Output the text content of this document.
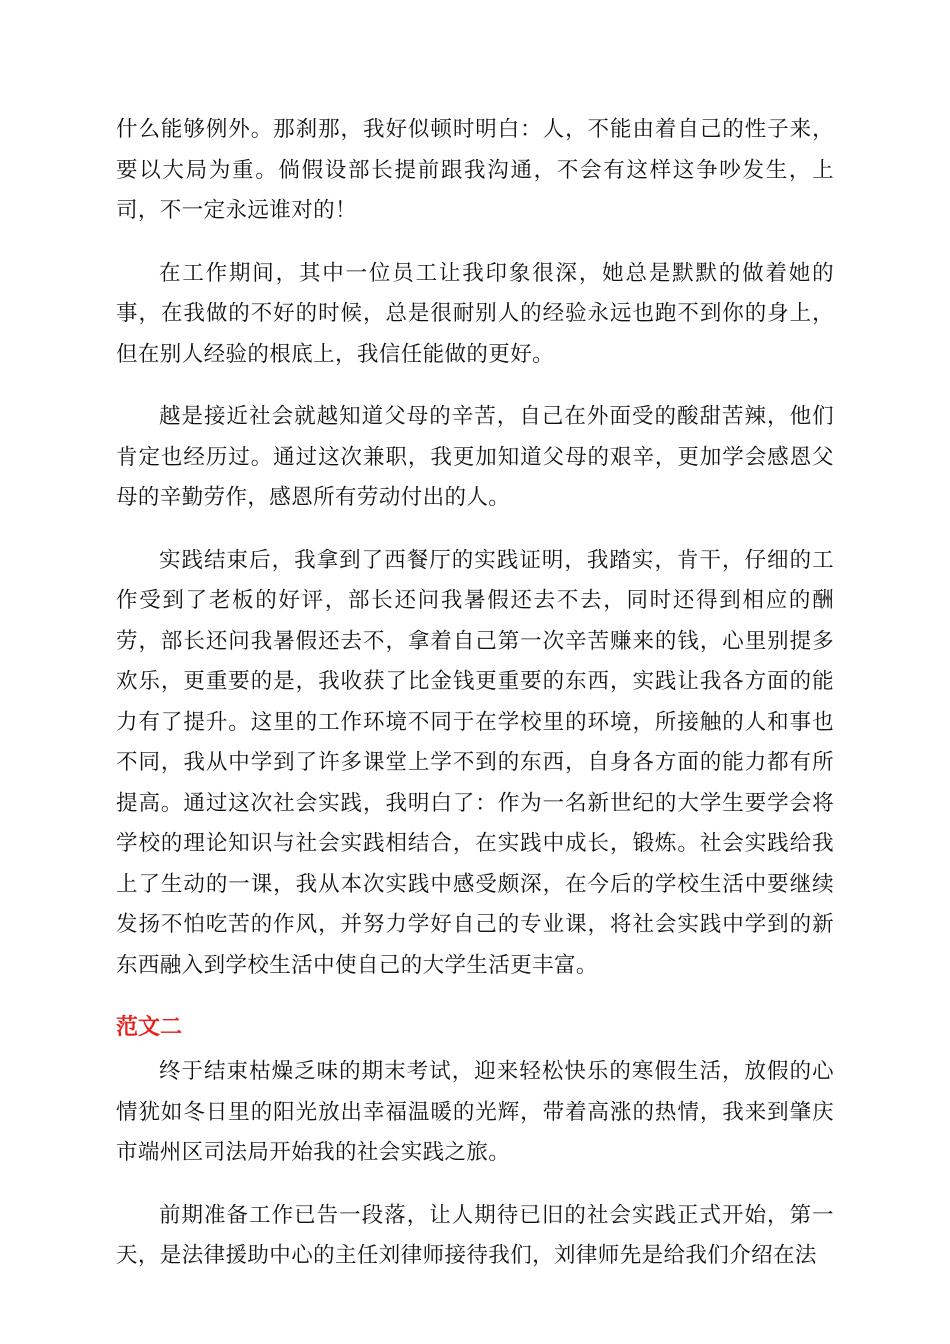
什么能够例外。那刹那，我好似顿时明白：人，不能由着自己的性子来，要以大局为重。倘假设部长提前跟我沟通，不会有这样这争吵发生，上司，不一定永远谁对的！

在工作期间，其中一位员工让我印象很深，她总是默默的做着她的事，在我做的不好的时候，总是很耐别人的经验永远也跑不到你的身上，但在别人经验的根底上，我信任能做的更好。

越是接近社会就越知道父母的辛苦，自己在外面受的酸甜苦辣，他们肯定也经历过。通过这次兼职，我更加知道父母的艰辛，更加学会感恩父母的辛勤劳作，感恩所有劳动付出的人。

实践结束后，我拿到了西餐厅的实践证明，我踏实，肯干，仔细的工作受到了老板的好评，部长还问我暑假还去不去，同时还得到相应的酬劳，部长还问我暑假还去不，拿着自己第一次辛苦赚来的钱，心里别提多欢乐，更重要的是，我收获了比金钱更重要的东西，实践让我各方面的能力有了提升。这里的工作环境不同于在学校里的环境，所接触的人和事也不同，我从中学到了许多课堂上学不到的东西，自身各方面的能力都有所提高。通过这次社会实践，我明白了：作为一名新世纪的大学生要学会将学校的理论知识与社会实践相结合，在实践中成长，锻炼。社会实践给我上了生动的一课，我从本次实践中感受颇深，在今后的学校生活中要继续发扬不怕吃苦的作风，并努力学好自己的专业课，将社会实践中学到的新东西融入到学校生活中使自己的大学生活更丰富。

范文二

终于结束枯燥乏味的期末考试，迎来轻松快乐的寒假生活，放假的心情犹如冬日里的阳光放出幸福温暖的光辉，带着高涨的热情，我来到肇庆市端州区司法局开始我的社会实践之旅。

前期准备工作已告一段落，让人期待已旧的社会实践正式开始，第一天，是法律援助中心的主任刘律师接待我们，刘律师先是给我们介绍在法
